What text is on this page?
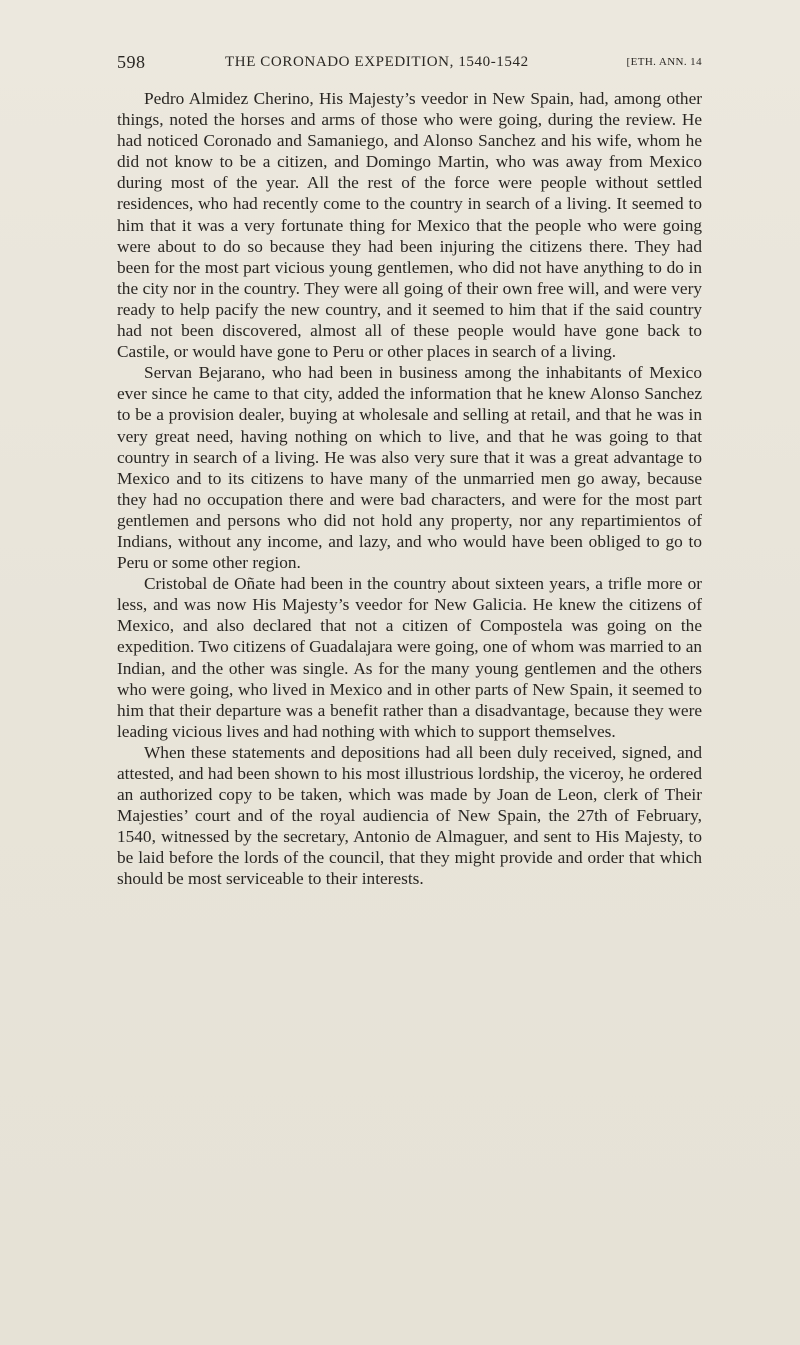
598	THE CORONADO EXPEDITION, 1540-1542	[ETH. ANN. 14

Pedro Almidez Cherino, His Majesty’s veedor in New Spain, had, among other things, noted the horses and arms of those who were going, during the review. He had noticed Coronado and Samaniego, and Alonso Sanchez and his wife, whom he did not know to be a citizen, and Domingo Martin, who was away from Mexico during most of the year. All the rest of the force were people without settled residences, who had recently come to the country in search of a living. It seemed to him that it was a very fortunate thing for Mexico that the people who were going were about to do so because they had been injuring the citizens there. They had been for the most part vicious young gentlemen, who did not have anything to do in the city nor in the country. They were all going of their own free will, and were very ready to help pacify the new country, and it seemed to him that if the said country had not been discovered, almost all of these people would have gone back to Castile, or would have gone to Peru or other places in search of a living.

Servan Bejarano, who had been in business among the inhabitants of Mexico ever since he came to that city, added the information that he knew Alonso Sanchez to be a provision dealer, buying at wholesale and selling at retail, and that he was in very great need, having nothing on which to live, and that he was going to that country in search of a living. He was also very sure that it was a great advantage to Mexico and to its citizens to have many of the unmarried men go away, because they had no occupation there and were bad characters, and were for the most part gentlemen and persons who did not hold any property, nor any repartimientos of Indians, without any income, and lazy, and who would have been obliged to go to Peru or some other region.

Cristobal de Oñate had been in the country about sixteen years, a trifle more or less, and was now His Majesty’s veedor for New Galicia. He knew the citizens of Mexico, and also declared that not a citizen of Compostela was going on the expedition. Two citizens of Guadalajara were going, one of whom was married to an Indian, and the other was single. As for the many young gentlemen and the others who were going, who lived in Mexico and in other parts of New Spain, it seemed to him that their departure was a benefit rather than a disadvantage, because they were leading vicious lives and had nothing with which to support themselves.

When these statements and depositions had all been duly received, signed, and attested, and had been shown to his most illustrious lordship, the viceroy, he ordered an authorized copy to be taken, which was made by Joan de Leon, clerk of Their Majesties’ court and of the royal audiencia of New Spain, the 27th of February, 1540, witnessed by the secretary, Antonio de Almaguer, and sent to His Majesty, to be laid before the lords of the council, that they might provide and order that which should be most serviceable to their interests.
